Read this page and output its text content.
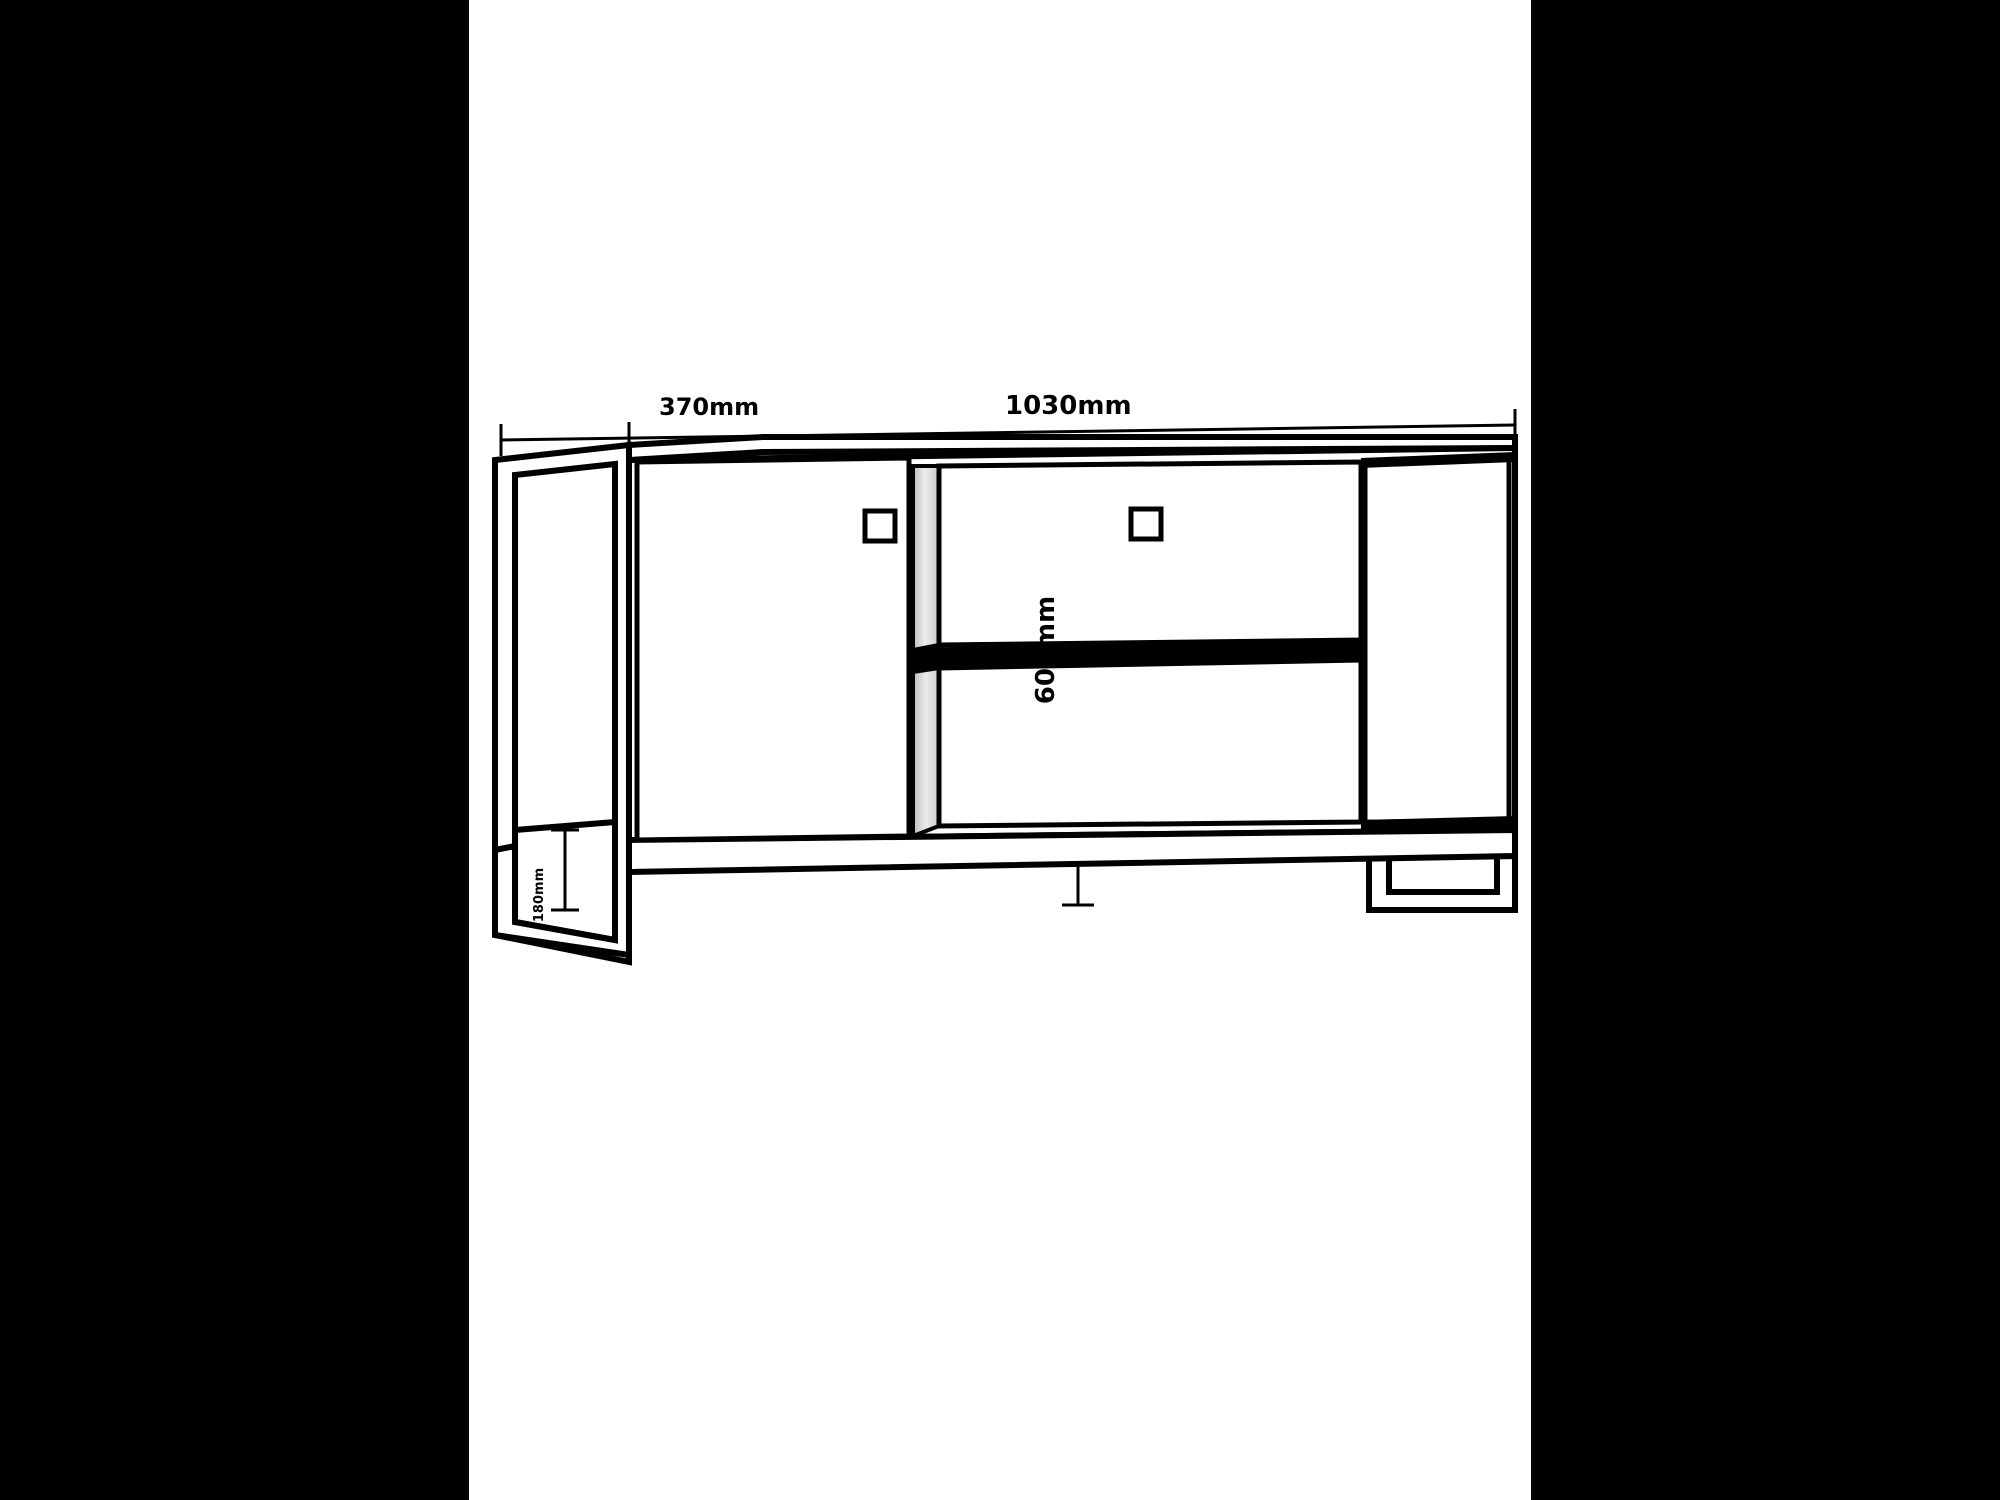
1030mm
370mm
600mm
180mm
